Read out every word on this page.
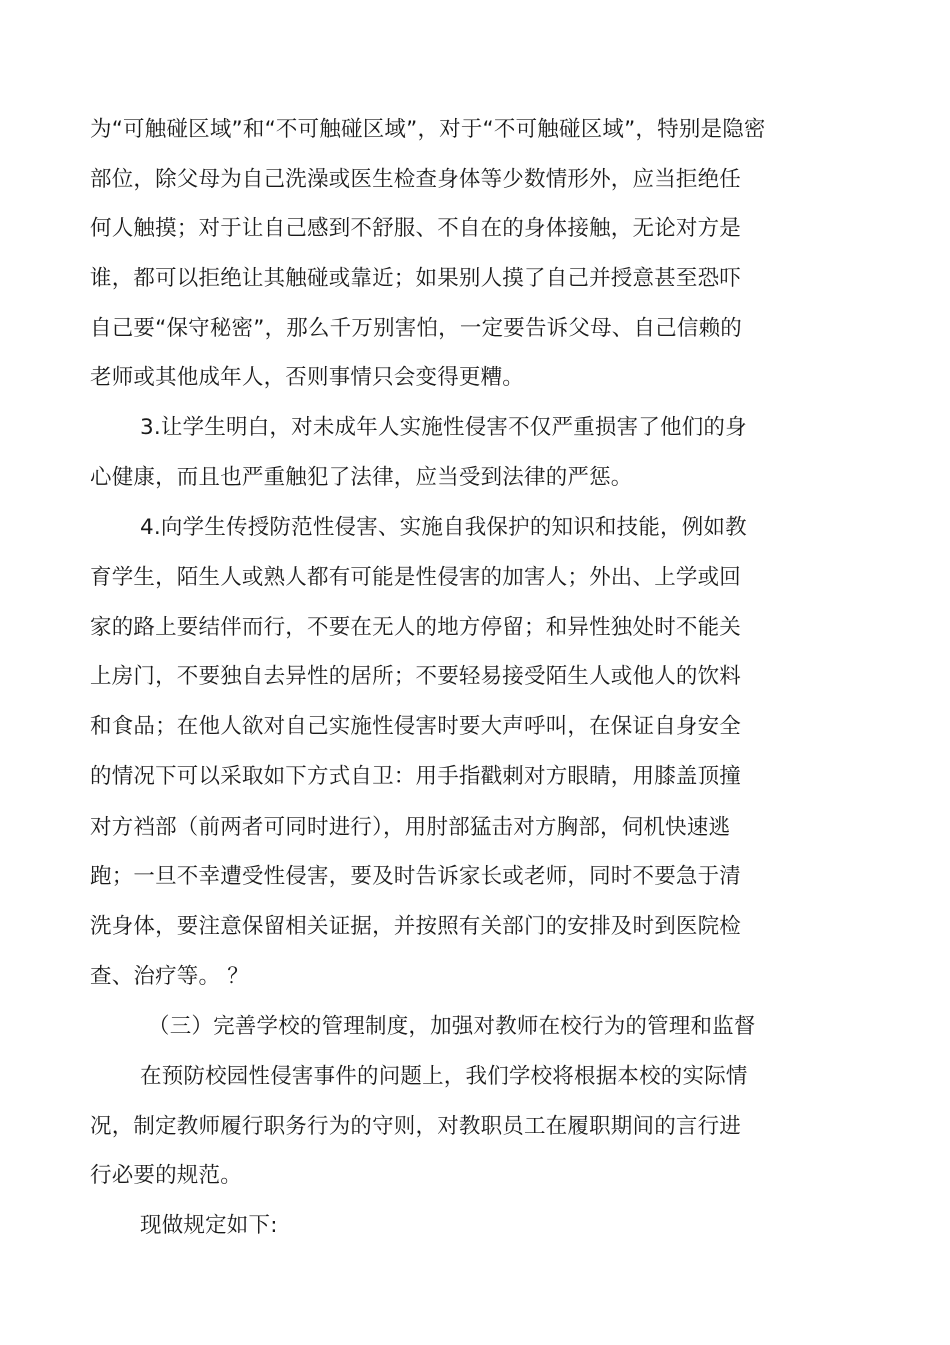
为“可触碰区域”和“不可触碰区域”，对于“不可触碰区域”，特别是隐密
部位，除父母为自己洗澡或医生检查身体等少数情形外，应当拒绝任
何人触摸；对于让自己感到不舒服、不自在的身体接触，无论对方是
谁，都可以拒绝让其触碰或靠近；如果别人摸了自己并授意甚至恐吓
自己要“保守秘密”，那么千万别害怕，一定要告诉父母、自己信赖的
老师或其他成年人，否则事情只会变得更糟。
3.让学生明白，对未成年人实施性侵害不仅严重损害了他们的身
心健康，而且也严重触犯了法律，应当受到法律的严惩。
4.向学生传授防范性侵害、实施自我保护的知识和技能，例如教
育学生，陌生人或熟人都有可能是性侵害的加害人；外出、上学或回
家的路上要结伴而行，不要在无人的地方停留；和异性独处时不能关
上房门，不要独自去异性的居所；不要轻易接受陌生人或他人的饮料
和食品；在他人欲对自己实施性侵害时要大声呼叫，在保证自身安全
的情况下可以采取如下方式自卫：用手指戳刺对方眼睛，用膝盖顶撞
对方裆部（前两者可同时进行），用肘部猛击对方胸部，伺机快速逃
跑；一旦不幸遭受性侵害，要及时告诉家长或老师，同时不要急于清
洗身体，要注意保留相关证据，并按照有关部门的安排及时到医院检
查、治疗等。 ？
（三）完善学校的管理制度，加强对教师在校行为的管理和监督
在预防校园性侵害事件的问题上，我们学校将根据本校的实际情
况，制定教师履行职务行为的守则，对教职员工在履职期间的言行进
行必要的规范。
现做规定如下:
